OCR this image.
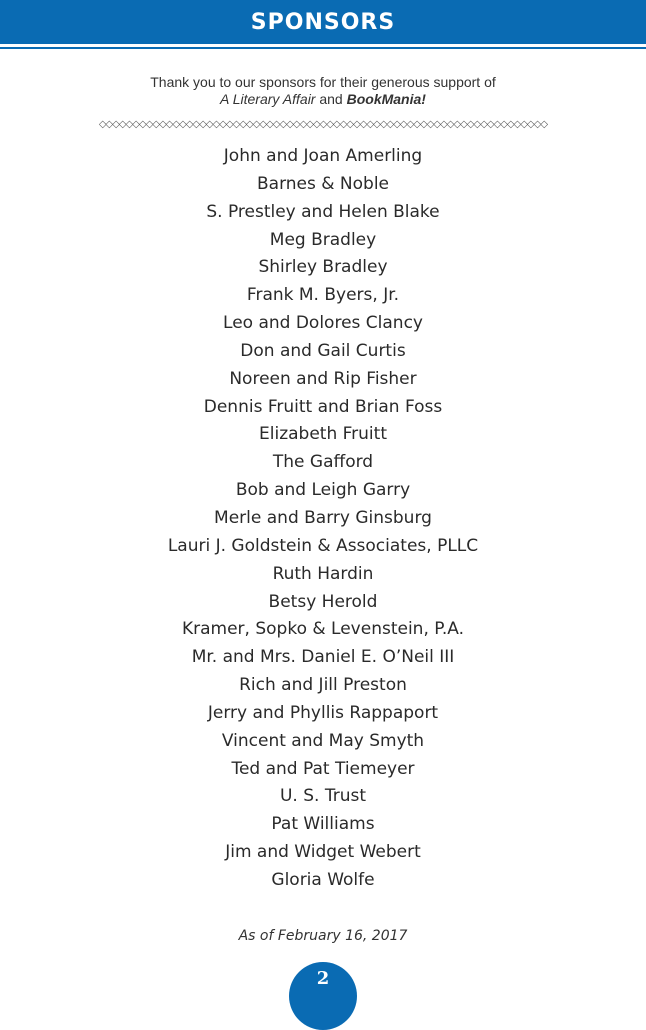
SPONSORS
Thank you to our sponsors for their generous support of
A Literary Affair and BookMania!
◇◇◇◇◇◇◇◇◇◇◇◇◇◇◇◇◇◇◇◇◇◇◇◇◇◇◇◇◇◇◇◇◇◇◇◇◇◇◇◇◇◇◇◇◇◇◇◇◇◇◇◇◇◇◇◇◇◇◇◇◇◇◇◇◇◇◇
John and Joan Amerling
Barnes & Noble
S. Prestley and Helen Blake
Meg Bradley
Shirley Bradley
Frank M. Byers, Jr.
Leo and Dolores Clancy
Don and Gail Curtis
Noreen and Rip Fisher
Dennis Fruitt and Brian Foss
Elizabeth Fruitt
The Gafford
Bob and Leigh Garry
Merle and Barry Ginsburg
Lauri J. Goldstein & Associates, PLLC
Ruth Hardin
Betsy Herold
Kramer, Sopko & Levenstein, P.A.
Mr. and Mrs. Daniel E. O’Neil III
Rich and Jill Preston
Jerry and Phyllis Rappaport
Vincent and May Smyth
Ted and Pat Tiemeyer
U. S. Trust
Pat Williams
Jim and Widget Webert
Gloria Wolfe
As of February 16, 2017
2
